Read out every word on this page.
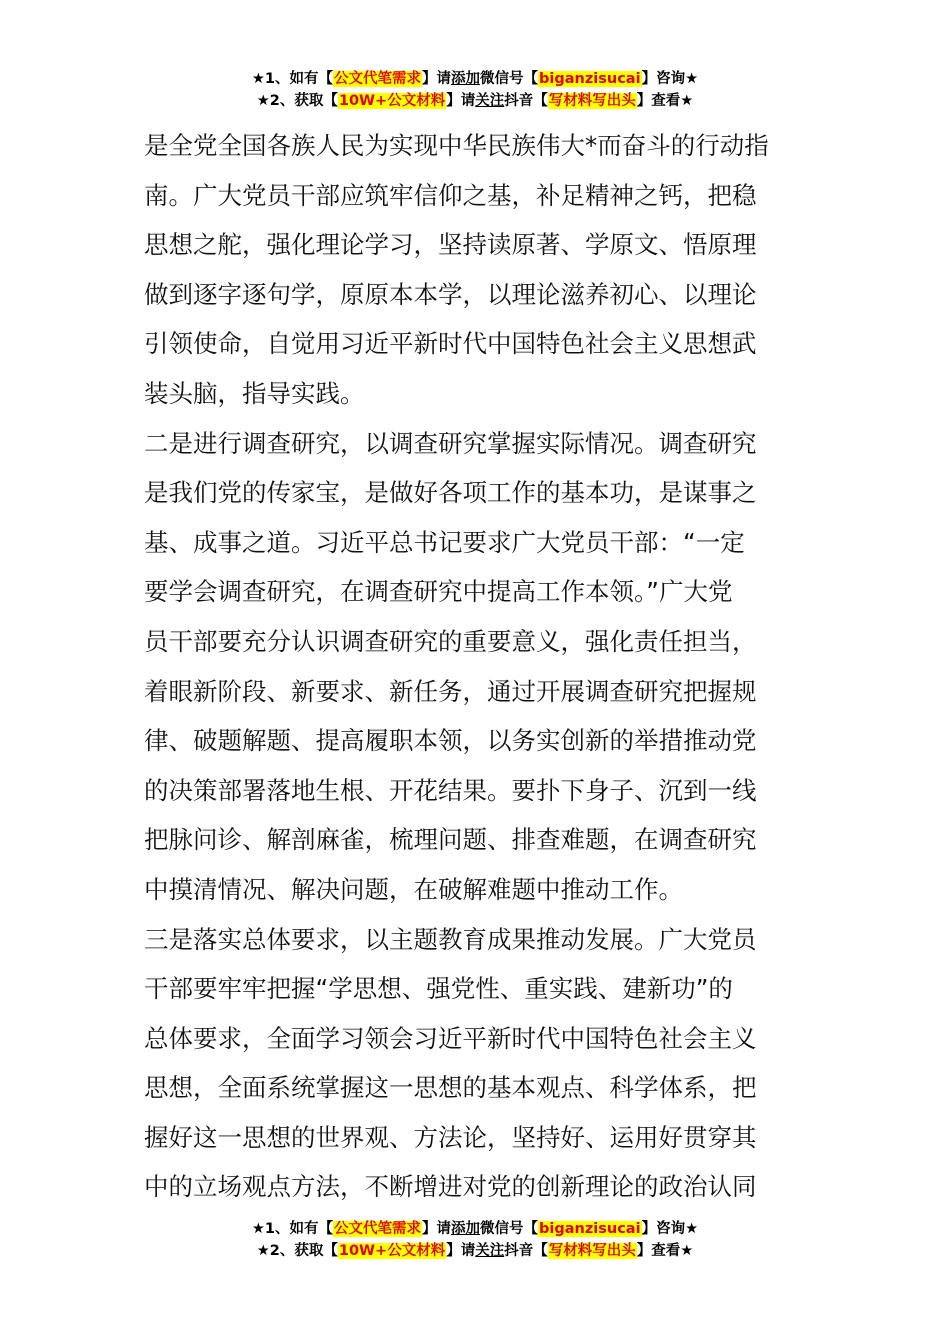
★1、如有【公文代笔需求】请添加微信号【biganzisucai】咨询★
★2、获取【10W+公文材料】请关注抖音【写材料写出头】查看★
是全党全国各族人民为实现中华民族伟大*而奋斗的行动指
南。广大党员干部应筑牢信仰之基，补足精神之钙，把稳
思想之舵，强化理论学习，坚持读原著、学原文、悟原理
做到逐字逐句学，原原本本学，以理论滋养初心、以理论
引领使命，自觉用习近平新时代中国特色社会主义思想武
装头脑，指导实践。
二是进行调查研究，以调查研究掌握实际情况。调查研究
是我们党的传家宝，是做好各项工作的基本功，是谋事之
基、成事之道。习近平总书记要求广大党员干部：“一定
要学会调查研究，在调查研究中提高工作本领。”广大党
员干部要充分认识调查研究的重要意义，强化责任担当，
着眼新阶段、新要求、新任务，通过开展调查研究把握规
律、破题解题、提高履职本领，以务实创新的举措推动党
的决策部署落地生根、开花结果。要扑下身子、沉到一线
把脉问诊、解剖麻雀，梳理问题、排查难题，在调查研究
中摸清情况、解决问题，在破解难题中推动工作。
三是落实总体要求，以主题教育成果推动发展。广大党员
干部要牢牢把握“学思想、强党性、重实践、建新功”的
总体要求，全面学习领会习近平新时代中国特色社会主义
思想，全面系统掌握这一思想的基本观点、科学体系，把
握好这一思想的世界观、方法论，坚持好、运用好贯穿其
中的立场观点方法，不断增进对党的创新理论的政治认同
★1、如有【公文代笔需求】请添加微信号【biganzisucai】咨询★
★2、获取【10W+公文材料】请关注抖音【写材料写出头】查看★
